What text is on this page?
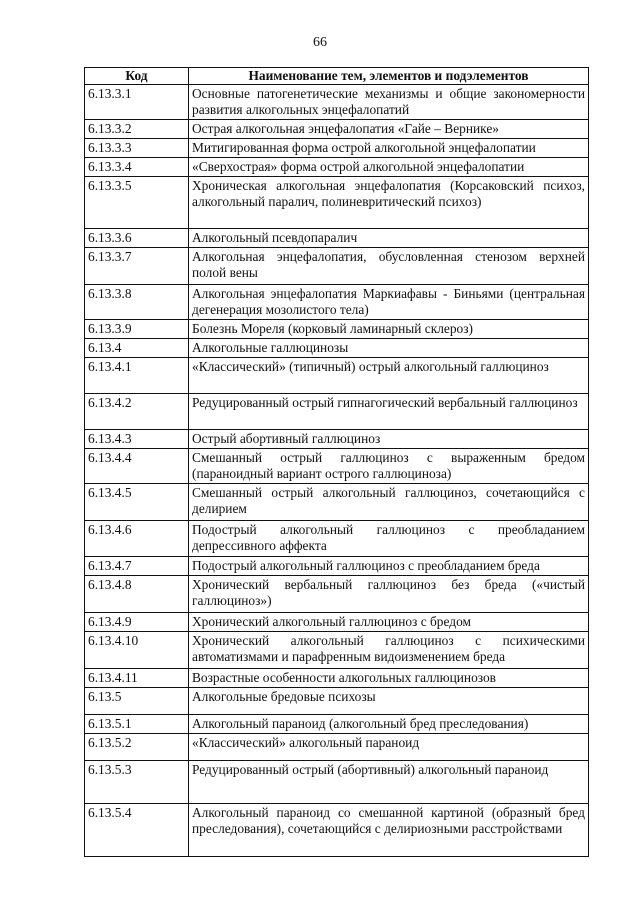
66
Код	Наименование тем, элементов и подэлементов
6.13.3.1	Основные патогенетические механизмы и общие закономерности развития алкогольных энцефалопатий
6.13.3.2	Острая алкогольная энцефалопатия «Гайе – Вернике»
6.13.3.3	Митигированная форма острой алкогольной энцефалопатии
6.13.3.4	«Сверхострая» форма острой алкогольной энцефалопатии
6.13.3.5	Хроническая алкогольная энцефалопатия (Корсаковский психоз, алкогольный паралич, полиневритический психоз)
6.13.3.6	Алкогольный псевдопаралич
6.13.3.7	Алкогольная энцефалопатия, обусловленная стенозом верхней полой вены
6.13.3.8	Алкогольная энцефалопатия Маркиафавы - Биньями (центральная дегенерация мозолистого тела)
6.13.3.9	Болезнь Мореля (корковый ламинарный склероз)
6.13.4	Алкогольные галлюцинозы
6.13.4.1	«Классический» (типичный) острый алкогольный галлюциноз
6.13.4.2	Редуцированный острый гипнагогический вербальный галлюциноз
6.13.4.3	Острый абортивный галлюциноз
6.13.4.4	Смешанный острый галлюциноз с выраженным бредом (параноидный вариант острого галлюциноза)
6.13.4.5	Смешанный острый алкогольный галлюциноз, сочетающийся с делирием
6.13.4.6	Подострый алкогольный галлюциноз с преобладанием депрессивного аффекта
6.13.4.7	Подострый алкогольный галлюциноз с преобладанием бреда
6.13.4.8	Хронический вербальный галлюциноз без бреда («чистый галлюциноз»)
6.13.4.9	Хронический алкогольный галлюциноз с бредом
6.13.4.10	Хронический алкогольный галлюциноз с психическими автоматизмами и парафренным видоизменением бреда
6.13.4.11	Возрастные особенности алкогольных галлюцинозов
6.13.5	Алкогольные бредовые психозы
6.13.5.1	Алкогольный параноид (алкогольный бред преследования)
6.13.5.2	«Классический» алкогольный параноид
6.13.5.3	Редуцированный острый (абортивный) алкогольный параноид
6.13.5.4	Алкогольный параноид со смешанной картиной (образный бред преследования), сочетающийся с делириозными расстройствами
